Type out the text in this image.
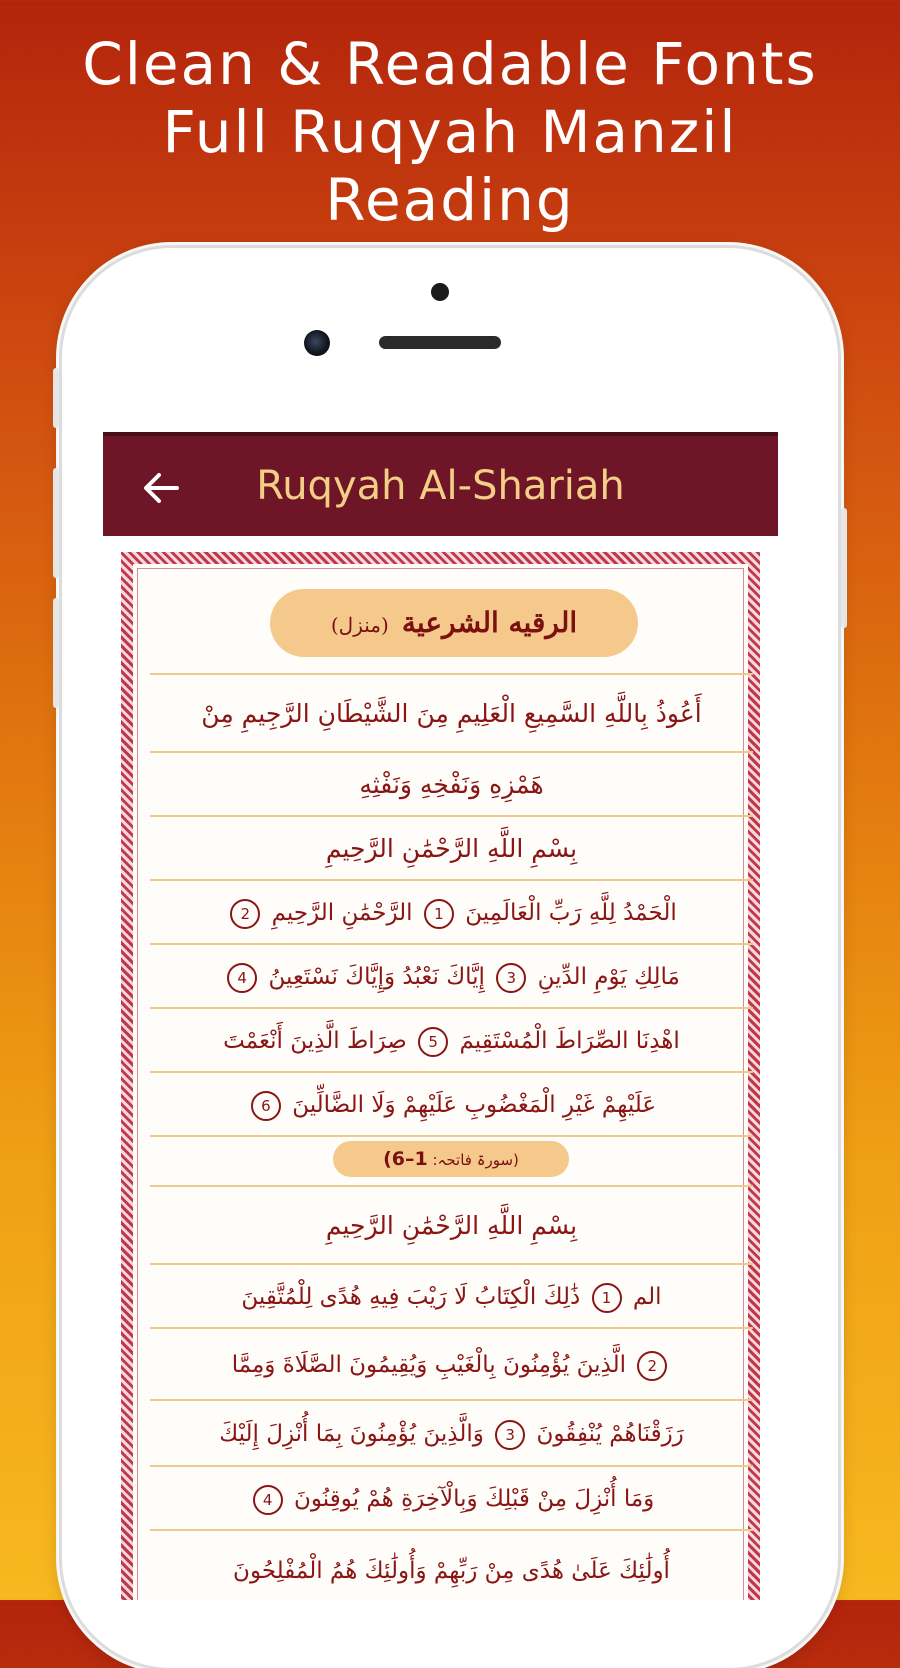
Clean & Readable Fonts
Full Ruqyah Manzil
Reading
Ruqyah Al-Shariah
الرقیه الشرعیة (منزل)
أَعُوذُ بِاللَّهِ السَّمِيعِ الْعَلِيمِ مِنَ الشَّيْطَانِ الرَّجِيمِ مِنْ
هَمْزِهِ وَنَفْخِهِ وَنَفْثِهِ
بِسْمِ اللَّهِ الرَّحْمَٰنِ الرَّحِيمِ
الْحَمْدُ لِلَّهِ رَبِّ الْعَالَمِينَ 1 الرَّحْمَٰنِ الرَّحِيمِ 2
مَالِكِ يَوْمِ الدِّينِ 3 إِيَّاكَ نَعْبُدُ وَإِيَّاكَ نَسْتَعِينُ 4
اهْدِنَا الصِّرَاطَ الْمُسْتَقِيمَ 5 صِرَاطَ الَّذِينَ أَنْعَمْتَ
عَلَيْهِمْ غَيْرِ الْمَغْضُوبِ عَلَيْهِمْ وَلَا الضَّالِّينَ 6
(سورۃ فاتحہ: 1–6)
بِسْمِ اللَّهِ الرَّحْمَٰنِ الرَّحِيمِ
الم 1 ذَٰلِكَ الْكِتَابُ لَا رَيْبَ فِيهِ هُدًى لِلْمُتَّقِينَ
2 الَّذِينَ يُؤْمِنُونَ بِالْغَيْبِ وَيُقِيمُونَ الصَّلَاةَ وَمِمَّا
رَزَقْنَاهُمْ يُنْفِقُونَ 3 وَالَّذِينَ يُؤْمِنُونَ بِمَا أُنْزِلَ إِلَيْكَ
وَمَا أُنْزِلَ مِنْ قَبْلِكَ وَبِالْآخِرَةِ هُمْ يُوقِنُونَ 4
أُولَٰئِكَ عَلَىٰ هُدًى مِنْ رَبِّهِمْ وَأُولَٰئِكَ هُمُ الْمُفْلِحُونَ
